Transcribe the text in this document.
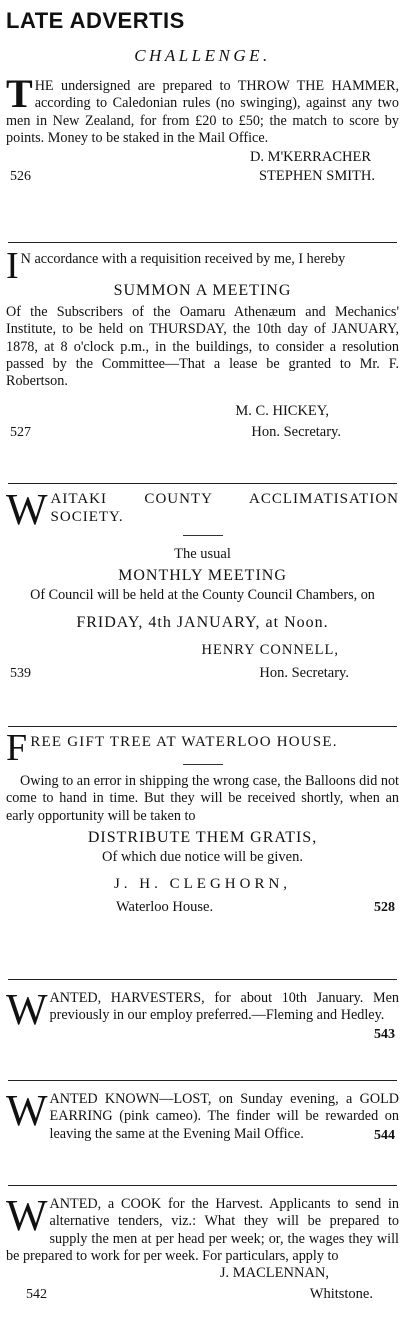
LATE ADVERTIS
CHALLENGE.
T HE undersigned are prepared to THROW THE HAMMER, according to Caledonian rules (no swinging), against any two men in New Zealand, for from £20 to £50; the match to score by points. Money to be staked in the Mail Office.
D. M'KERRACHER
526	STEPHEN SMITH.
I N accordance with a requisition received by me, I hereby
SUMMON A MEETING
Of the Subscribers of the Oamaru Athenæum and Mechanics' Institute, to be held on THURSDAY, the 10th day of JANUARY, 1878, at 8 o'clock p.m., in the buildings, to consider a resolution passed by the Committee—That a lease be granted to Mr. F. Robertson.
M. C. HICKEY,
527	Hon. Secretary.
W AITAKI COUNTY ACCLIMATISATION SOCIETY.
The usual
MONTHLY MEETING
Of Council will be held at the County Council Chambers, on
FRIDAY, 4th JANUARY, at Noon.
HENRY CONNELL,
539	Hon. Secretary.
F REE GIFT TREE AT WATERLOO HOUSE.
Owing to an error in shipping the wrong case, the Balloons did not come to hand in time. But they will be received shortly, when an early opportunity will be taken to
DISTRIBUTE THEM GRATIS,
Of which due notice will be given.
J. H. CLEGHORN,
Waterloo House.	528
W ANTED, HARVESTERS, for about 10th January. Men previously in our employ preferred.—Fleming and Hedley.
543
W ANTED KNOWN—LOST, on Sunday evening, a GOLD EARRING (pink cameo). The finder will be rewarded on leaving the same at the Evening Mail Office.	544
W ANTED, a COOK for the Harvest. Applicants to send in alternative tenders, viz.: What they will be prepared to supply the men at per head per week; or, the wages they will be prepared to work for per week. For particulars, apply to
J. MACLENNAN,
542	Whitstone.
